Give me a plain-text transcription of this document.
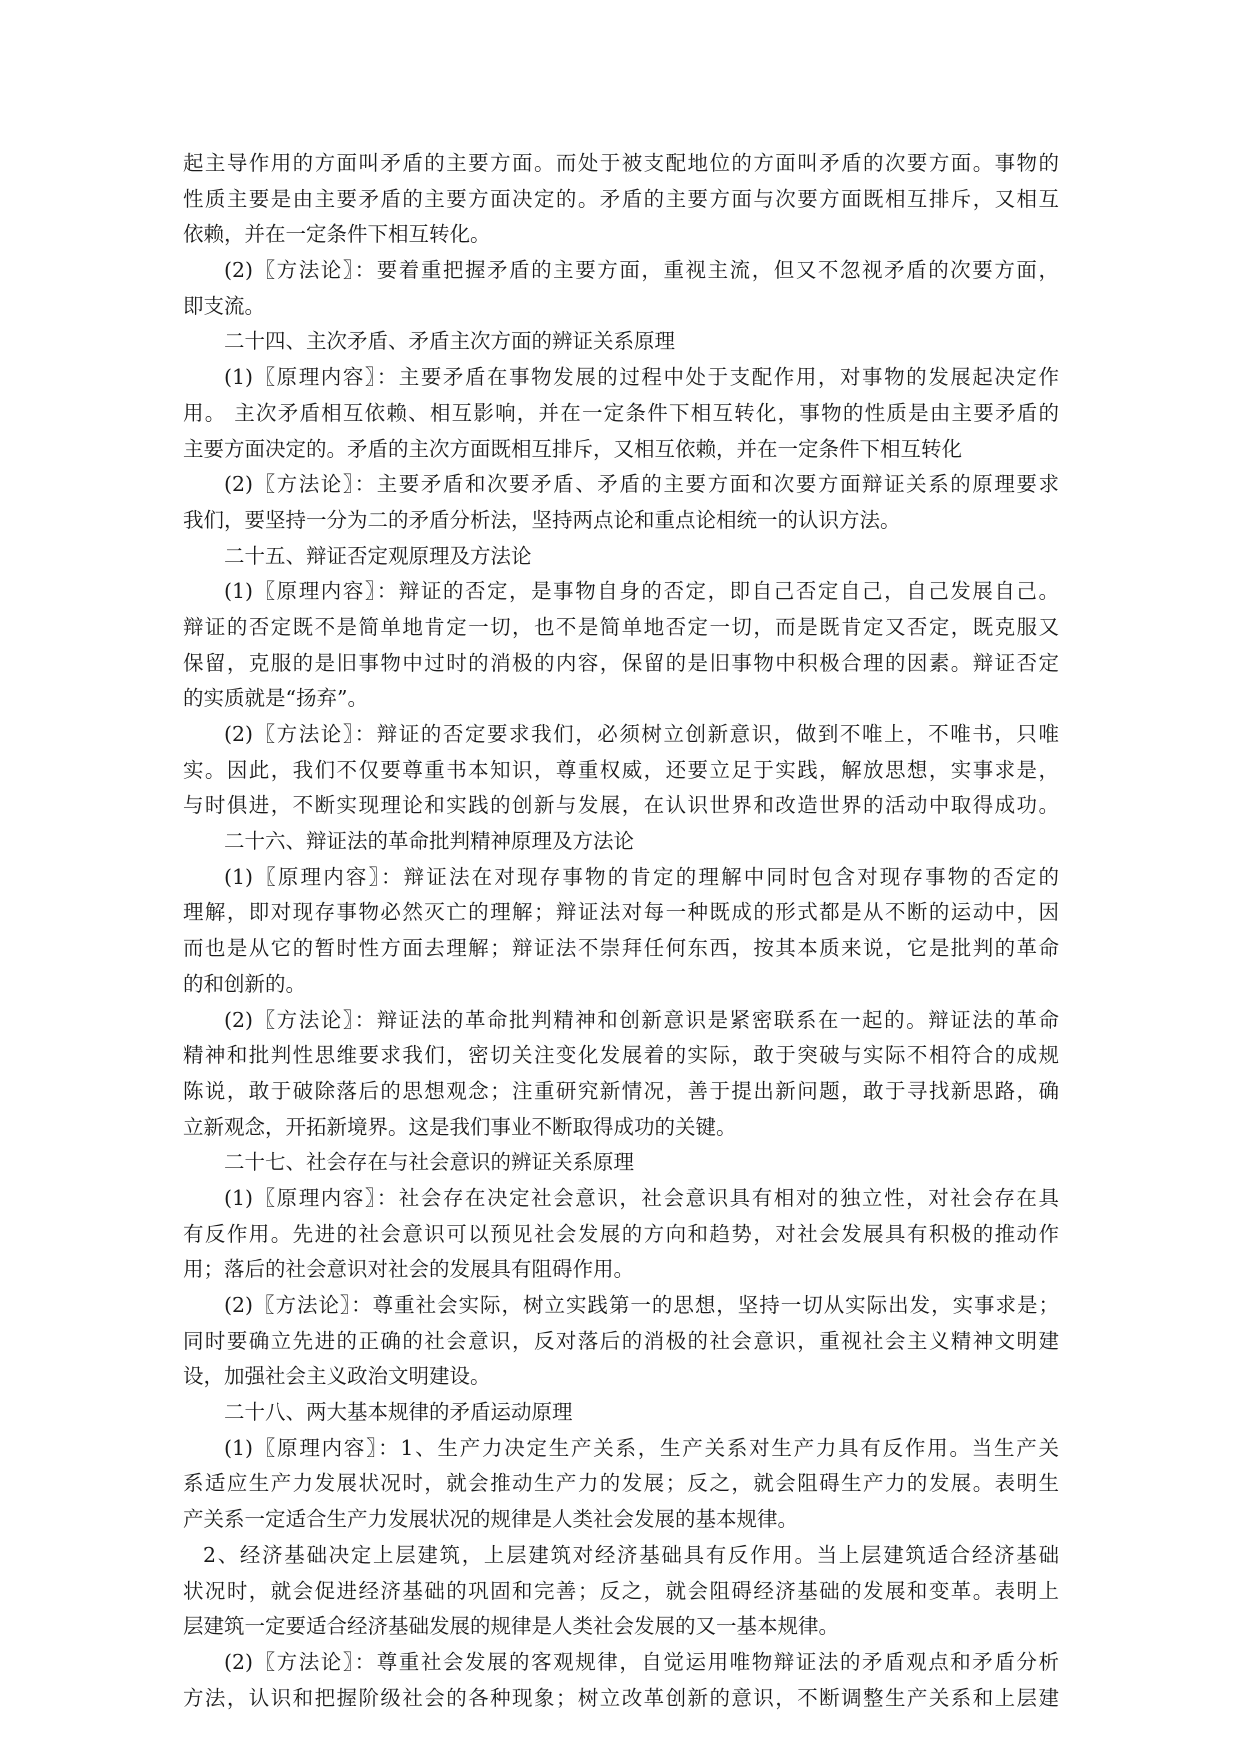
起主导作用的方面叫矛盾的主要方面。而处于被支配地位的方面叫矛盾的次要方面。事物的
性质主要是由主要矛盾的主要方面决定的。矛盾的主要方面与次要方面既相互排斥，又相互
依赖，并在一定条件下相互转化。
(2)〖方法论〗：要着重把握矛盾的主要方面，重视主流，但又不忽视矛盾的次要方面，
即支流。
二十四、主次矛盾、矛盾主次方面的辨证关系原理
(1)〖原理内容〗：主要矛盾在事物发展的过程中处于支配作用，对事物的发展起决定作
用。 主次矛盾相互依赖、相互影响，并在一定条件下相互转化，事物的性质是由主要矛盾的
主要方面决定的。矛盾的主次方面既相互排斥，又相互依赖，并在一定条件下相互转化
(2)〖方法论〗：主要矛盾和次要矛盾、矛盾的主要方面和次要方面辩证关系的原理要求
我们，要坚持一分为二的矛盾分析法，坚持两点论和重点论相统一的认识方法。
二十五、辩证否定观原理及方法论
(1)〖原理内容〗：辩证的否定，是事物自身的否定，即自己否定自己，自己发展自己。
辩证的否定既不是简单地肯定一切，也不是简单地否定一切，而是既肯定又否定，既克服又
保留，克服的是旧事物中过时的消极的内容，保留的是旧事物中积极合理的因素。辩证否定
的实质就是“扬弃”。
(2)〖方法论〗：辩证的否定要求我们，必须树立创新意识，做到不唯上，不唯书，只唯
实。因此，我们不仅要尊重书本知识，尊重权威，还要立足于实践，解放思想，实事求是，
与时俱进，不断实现理论和实践的创新与发展，在认识世界和改造世界的活动中取得成功。
二十六、辩证法的革命批判精神原理及方法论
(1)〖原理内容〗：辩证法在对现存事物的肯定的理解中同时包含对现存事物的否定的
理解，即对现存事物必然灭亡的理解；辩证法对每一种既成的形式都是从不断的运动中，因
而也是从它的暂时性方面去理解；辩证法不崇拜任何东西，按其本质来说，它是批判的革命
的和创新的。
(2)〖方法论〗：辩证法的革命批判精神和创新意识是紧密联系在一起的。辩证法的革命
精神和批判性思维要求我们，密切关注变化发展着的实际，敢于突破与实际不相符合的成规
陈说，敢于破除落后的思想观念；注重研究新情况，善于提出新问题，敢于寻找新思路，确
立新观念，开拓新境界。这是我们事业不断取得成功的关键。
二十七、社会存在与社会意识的辨证关系原理
(1)〖原理内容〗：社会存在决定社会意识，社会意识具有相对的独立性，对社会存在具
有反作用。先进的社会意识可以预见社会发展的方向和趋势，对社会发展具有积极的推动作
用；落后的社会意识对社会的发展具有阻碍作用。
(2)〖方法论〗：尊重社会实际，树立实践第一的思想，坚持一切从实际出发，实事求是；
同时要确立先进的正确的社会意识，反对落后的消极的社会意识，重视社会主义精神文明建
设，加强社会主义政治文明建设。
二十八、两大基本规律的矛盾运动原理
(1)〖原理内容〗：1、生产力决定生产关系，生产关系对生产力具有反作用。当生产关
系适应生产力发展状况时，就会推动生产力的发展；反之，就会阻碍生产力的发展。表明生
产关系一定适合生产力发展状况的规律是人类社会发展的基本规律。
2、经济基础决定上层建筑，上层建筑对经济基础具有反作用。当上层建筑适合经济基础
状况时，就会促进经济基础的巩固和完善；反之，就会阻碍经济基础的发展和变革。表明上
层建筑一定要适合经济基础发展的规律是人类社会发展的又一基本规律。
(2)〖方法论〗：尊重社会发展的客观规律，自觉运用唯物辩证法的矛盾观点和矛盾分析
方法，认识和把握阶级社会的各种现象；树立改革创新的意识，不断调整生产关系和上层建
